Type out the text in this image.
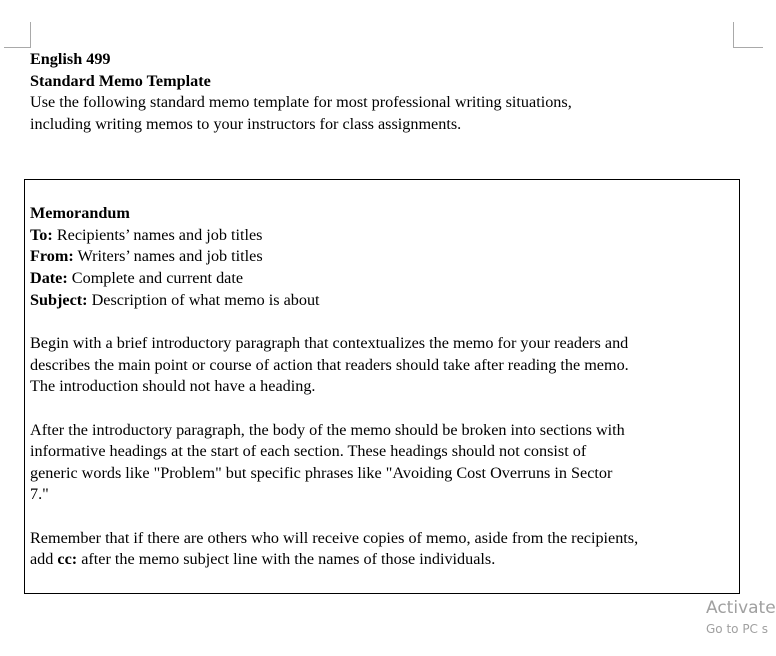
English 499
Standard Memo Template
Use the following standard memo template for most professional writing situations,
including writing memos to your instructors for class assignments.
Memorandum
To: Recipients’ names and job titles
From: Writers’ names and job titles
Date: Complete and current date
Subject: Description of what memo is about
Begin with a brief introductory paragraph that contextualizes the memo for your readers and
describes the main point or course of action that readers should take after reading the memo.
The introduction should not have a heading.
After the introductory paragraph, the body of the memo should be broken into sections with
informative headings at the start of each section. These headings should not consist of
generic words like "Problem" but specific phrases like "Avoiding Cost Overruns in Sector
7."
Remember that if there are others who will receive copies of memo, aside from the recipients,
add cc: after the memo subject line with the names of those individuals.
Activate
Go to PC s
